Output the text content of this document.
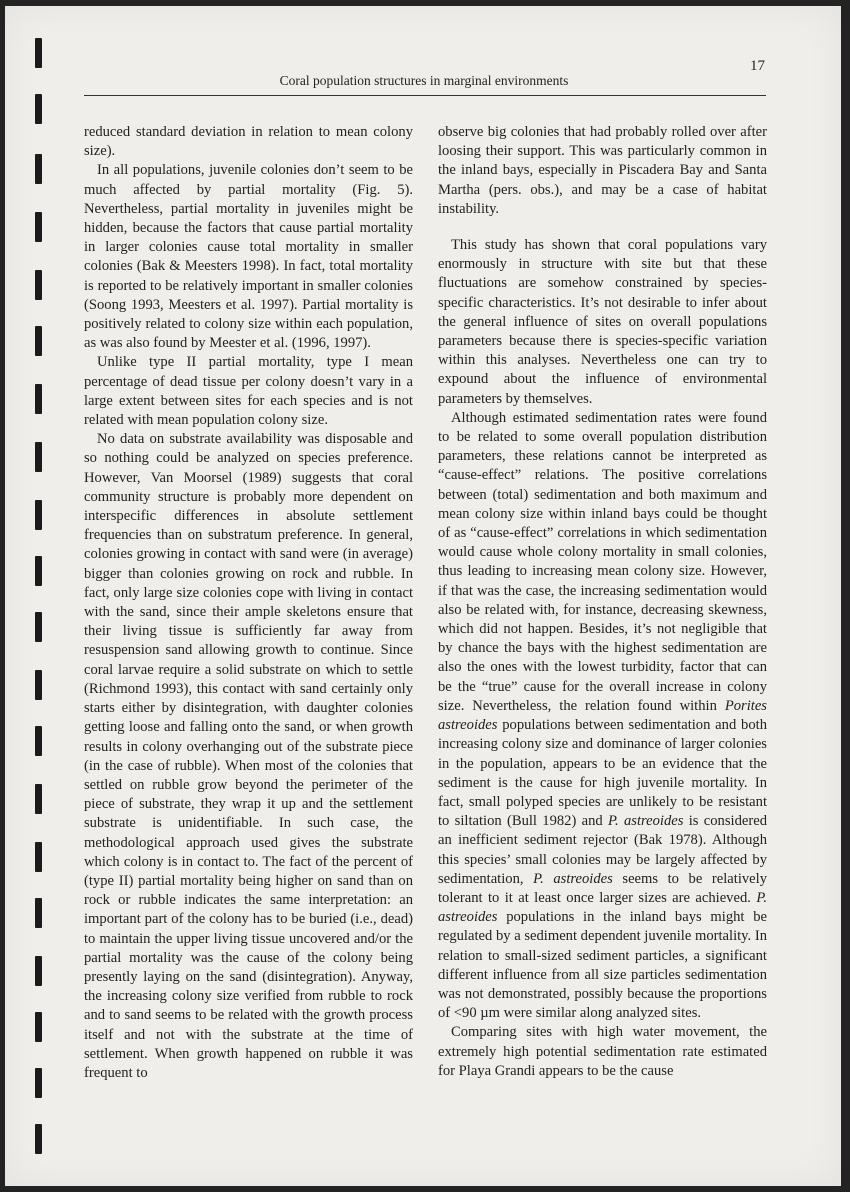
17
Coral population structures in marginal environments

reduced standard deviation in relation to mean colony size).

In all populations, juvenile colonies don’t seem to be much affected by partial mortality (Fig. 5). Nevertheless, partial mortality in juveniles might be hidden, because the factors that cause partial mortality in larger colonies cause total mortality in smaller colonies (Bak & Meesters 1998). In fact, total mortality is reported to be relatively important in smaller colonies (Soong 1993, Meesters et al. 1997). Partial mortality is positively related to colony size within each population, as was also found by Meester et al. (1996, 1997).

Unlike type II partial mortality, type I mean percentage of dead tissue per colony doesn’t vary in a large extent between sites for each species and is not related with mean population colony size.

No data on substrate availability was disposable and so nothing could be analyzed on species preference. However, Van Moorsel (1989) suggests that coral community structure is probably more dependent on interspecific differences in absolute settlement frequencies than on substratum preference. In general, colonies growing in contact with sand were (in average) bigger than colonies growing on rock and rubble. In fact, only large size colonies cope with living in contact with the sand, since their ample skeletons ensure that their living tissue is sufficiently far away from resuspension sand allowing growth to continue. Since coral larvae require a solid substrate on which to settle (Richmond 1993), this contact with sand certainly only starts either by disintegration, with daughter colonies getting loose and falling onto the sand, or when growth results in colony overhanging out of the substrate piece (in the case of rubble). When most of the colonies that settled on rubble grow beyond the perimeter of the piece of substrate, they wrap it up and the settlement substrate is unidentifiable. In such case, the methodological approach used gives the substrate which colony is in contact to. The fact of the percent of (type II) partial mortality being higher on sand than on rock or rubble indicates the same interpretation: an important part of the colony has to be buried (i.e., dead) to maintain the upper living tissue uncovered and/or the partial mortality was the cause of the colony being presently laying on the sand (disintegration). Anyway, the increasing colony size verified from rubble to rock and to sand seems to be related with the growth process itself and not with the substrate at the time of settlement. When growth happened on rubble it was frequent to

observe big colonies that had probably rolled over after loosing their support. This was particularly common in the inland bays, especially in Piscadera Bay and Santa Martha (pers. obs.), and may be a case of habitat instability.

This study has shown that coral populations vary enormously in structure with site but that these fluctuations are somehow constrained by species-specific characteristics. It’s not desirable to infer about the general influence of sites on overall populations parameters because there is species-specific variation within this analyses. Nevertheless one can try to expound about the influence of environmental parameters by themselves.

Although estimated sedimentation rates were found to be related to some overall population distribution parameters, these relations cannot be interpreted as “cause-effect” relations. The positive correlations between (total) sedimentation and both maximum and mean colony size within inland bays could be thought of as “cause-effect” correlations in which sedimentation would cause whole colony mortality in small colonies, thus leading to increasing mean colony size. However, if that was the case, the increasing sedimentation would also be related with, for instance, decreasing skewness, which did not happen. Besides, it’s not negligible that by chance the bays with the highest sedimentation are also the ones with the lowest turbidity, factor that can be the “true” cause for the overall increase in colony size. Nevertheless, the relation found within Porites astreoides populations between sedimentation and both increasing colony size and dominance of larger colonies in the population, appears to be an evidence that the sediment is the cause for high juvenile mortality. In fact, small polyped species are unlikely to be resistant to siltation (Bull 1982) and P. astreoides is considered an inefficient sediment rejector (Bak 1978). Although this species’ small colonies may be largely affected by sedimentation, P. astreoides seems to be relatively tolerant to it at least once larger sizes are achieved. P. astreoides populations in the inland bays might be regulated by a sediment dependent juvenile mortality. In relation to small-sized sediment particles, a significant different influence from all size particles sedimentation was not demonstrated, possibly because the proportions of <90 µm were similar along analyzed sites.

Comparing sites with high water movement, the extremely high potential sedimentation rate estimated for Playa Grandi appears to be the cause
